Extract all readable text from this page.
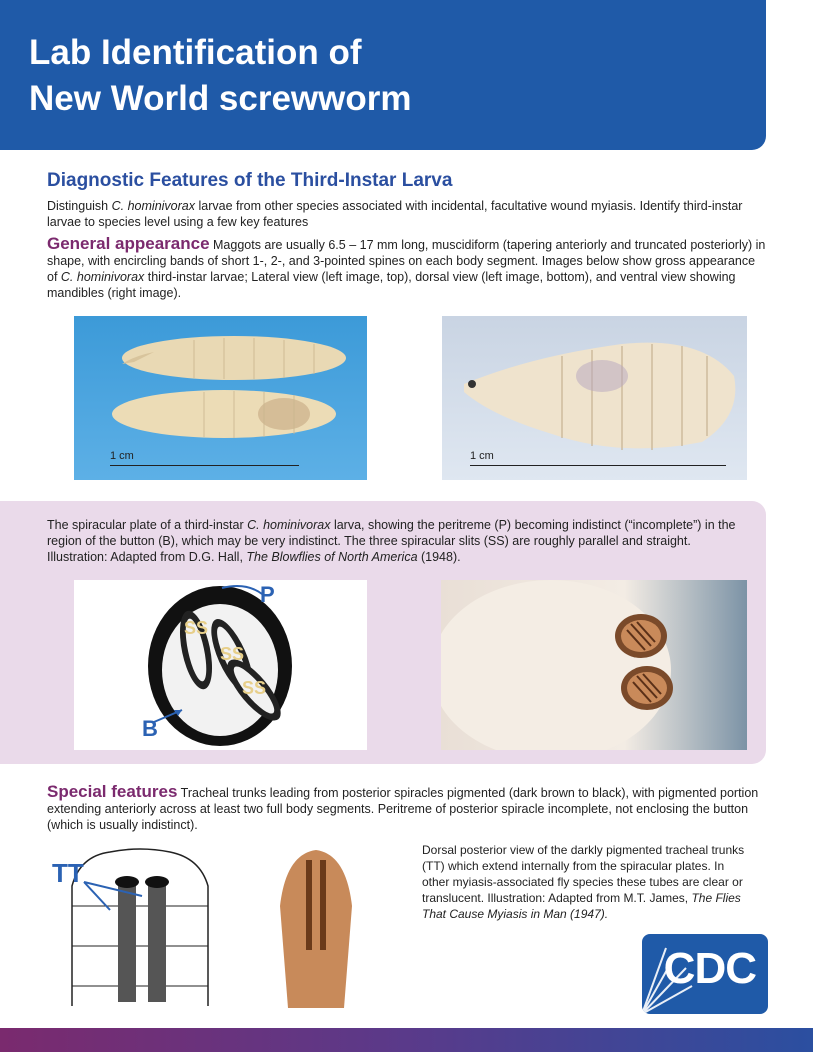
Lab Identification of
New World screwworm
Diagnostic Features of the Third-Instar Larva
Distinguish C. hominivorax larvae from other species associated with incidental, facultative wound myiasis. Identify third-instar larvae to species level using a few key features
General appearance Maggots are usually 6.5 – 17 mm long, muscidiform (tapering anteriorly and truncated posteriorly) in shape, with encircling bands of short 1-, 2-, and 3-pointed spines on each body segment. Images below show gross appearance of C. hominivorax third-instar larvae; Lateral view (left image, top), dorsal view (left image, bottom), and ventral view showing mandibles (right image).
1 cm	1 cm
The spiracular plate of a third-instar C. hominivorax larva, showing the peritreme (P) becoming indistinct (“incomplete”) in the region of the button (B), which may be very indistinct. The three spiracular slits (SS) are roughly parallel and straight. Illustration: Adapted from D.G. Hall, The Blowflies of North America (1948).
P
B
SS
SS
SS
Special features Tracheal trunks leading from posterior spiracles pigmented (dark brown to black), with pigmented portion extending anteriorly across at least two full body segments. Peritreme of posterior spiracle incomplete, not enclosing the button (which is usually indistinct).
TT
Dorsal posterior view of the darkly pigmented tracheal trunks (TT) which extend internally from the spiracular plates. In other myiasis-associated fly species these tubes are clear or translucent. Illustration: Adapted from M.T. James, The Flies That Cause Myiasis in Man (1947).
CDC
